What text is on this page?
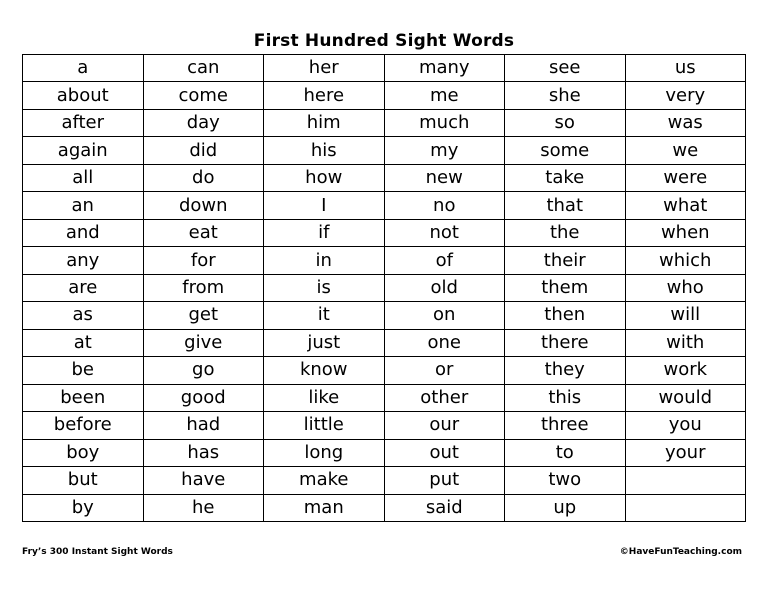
First Hundred Sight Words
a	can	her	many	see	us
about	come	here	me	she	very
after	day	him	much	so	was
again	did	his	my	some	we
all	do	how	new	take	were
an	down	I	no	that	what
and	eat	if	not	the	when
any	for	in	of	their	which
are	from	is	old	them	who
as	get	it	on	then	will
at	give	just	one	there	with
be	go	know	or	they	work
been	good	like	other	this	would
before	had	little	our	three	you
boy	has	long	out	to	your
but	have	make	put	two	
by	he	man	said	up	
Fry’s 300 Instant Sight Words	©HaveFunTeaching.com
